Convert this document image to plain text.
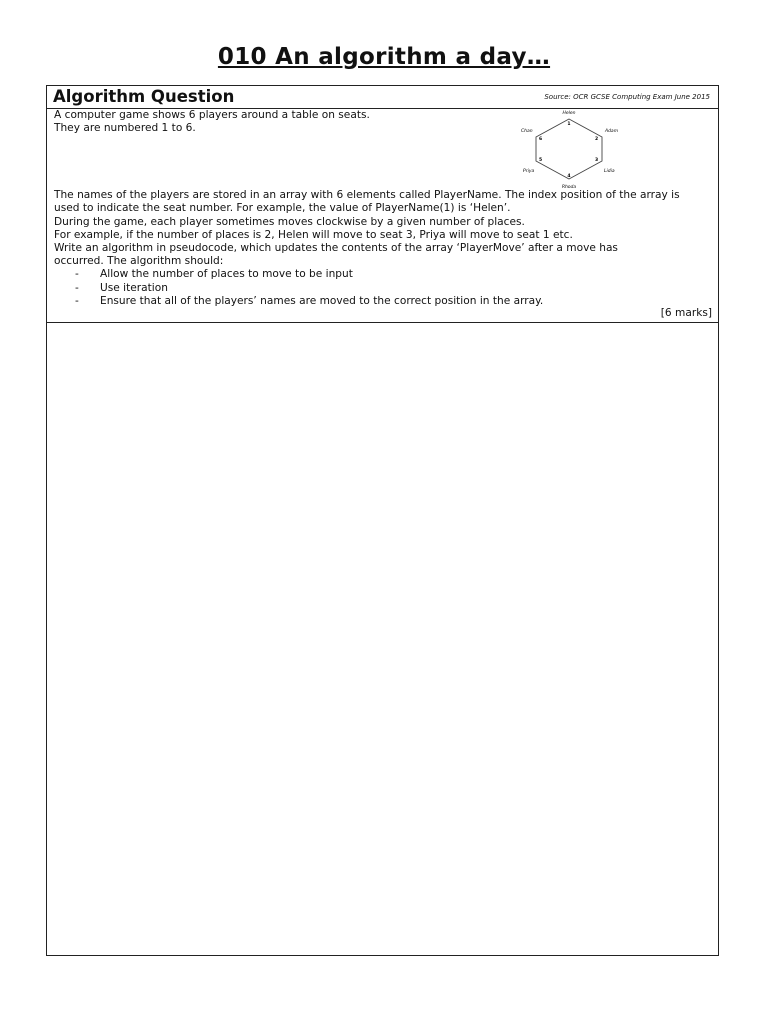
010 An algorithm a day…
Algorithm Question	Source: OCR GCSE Computing Exam June 2015
A computer game shows 6 players around a table on seats.
They are numbered 1 to 6.
Helen
1
Adam
2
Lidia
3
Rhoda
4
Priya
5
Chan
6
The names of the players are stored in an array with 6 elements called PlayerName. The index position of the array is
used to indicate the seat number. For example, the value of PlayerName(1) is ‘Helen’.
During the game, each player sometimes moves clockwise by a given number of places.
For example, if the number of places is 2, Helen will move to seat 3, Priya will move to seat 1 etc.
Write an algorithm in pseudocode, which updates the contents of the array ‘PlayerMove’ after a move has
occurred. The algorithm should:
- Allow the number of places to move to be input
- Use iteration
- Ensure that all of the players’ names are moved to the correct position in the array.
[6 marks]
